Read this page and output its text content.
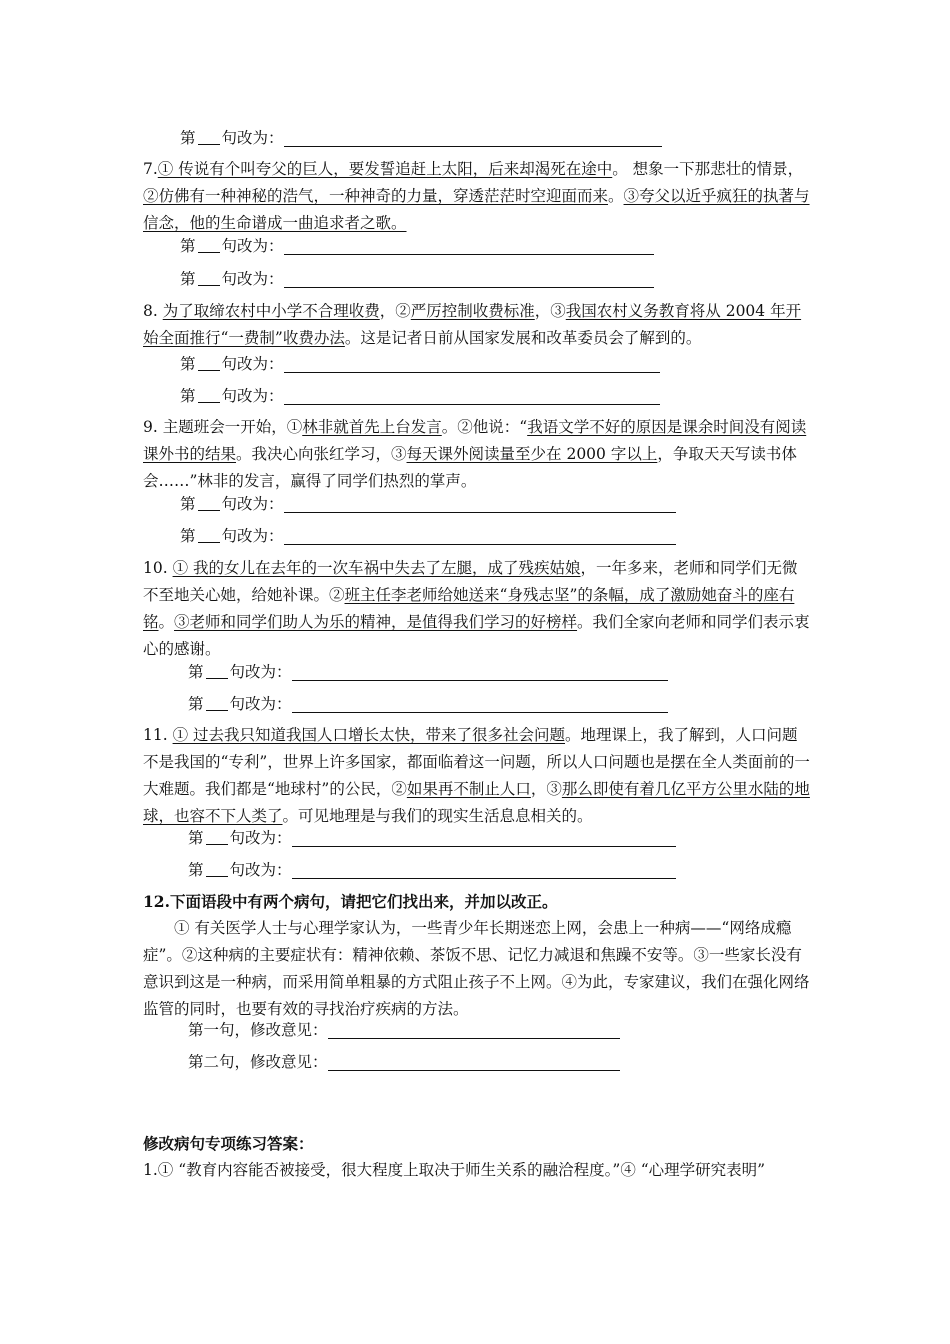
第 句改为：
7.① 传说有个叫夸父的巨人，要发誓追赶上太阳，后来却渴死在途中。 想象一下那悲壮的情景，②仿佛有一种神秘的浩气，一种神奇的力量，穿透茫茫时空迎面而来。③夸父以近乎疯狂的执著与信念，他的生命谱成一曲追求者之歌。
第 句改为：
第 句改为：
8. 为了取缔农村中小学不合理收费，②严厉控制收费标准，③我国农村义务教育将从 2004 年开始全面推行“一费制”收费办法。这是记者日前从国家发展和改革委员会了解到的。
第 句改为：
第 句改为：
9. 主题班会一开始，①林非就首先上台发言。②他说：“我语文学不好的原因是课余时间没有阅读课外书的结果。我决心向张红学习，③每天课外阅读量至少在 2000 字以上，争取天天写读书体会……”林非的发言，赢得了同学们热烈的掌声。
第 句改为：
第 句改为：
10. ① 我的女儿在去年的一次车祸中失去了左腿，成了残疾姑娘，一年多来，老师和同学们无微不至地关心她，给她补课。②班主任李老师给她送来“身残志坚”的条幅，成了激励她奋斗的座右铭。③老师和同学们助人为乐的精神，是值得我们学习的好榜样。我们全家向老师和同学们表示衷心的感谢。
第 句改为：
第 句改为：
11. ① 过去我只知道我国人口增长太快，带来了很多社会问题。地理课上，我了解到，人口问题不是我国的“专利”，世界上许多国家，都面临着这一问题，所以人口问题也是摆在全人类面前的一大难题。我们都是“地球村”的公民，②如果再不制止人口，③那么即使有着几亿平方公里水陆的地球，也容不下人类了。可见地理是与我们的现实生活息息相关的。
第 句改为：
第 句改为：
12.下面语段中有两个病句，请把它们找出来，并加以改正。
① 有关医学人士与心理学家认为，一些青少年长期迷恋上网，会患上一种病——“网络成瘾症”。②这种病的主要症状有：精神依赖、茶饭不思、记忆力减退和焦躁不安等。③一些家长没有意识到这是一种病，而采用简单粗暴的方式阻止孩子不上网。④为此，专家建议，我们在强化网络监管的同时，也要有效的寻找治疗疾病的方法。
第一句，修改意见：
第二句，修改意见：
修改病句专项练习答案：
1.① “教育内容能否被接受，很大程度上取决于师生关系的融洽程度。”④ “心理学研究表明”
